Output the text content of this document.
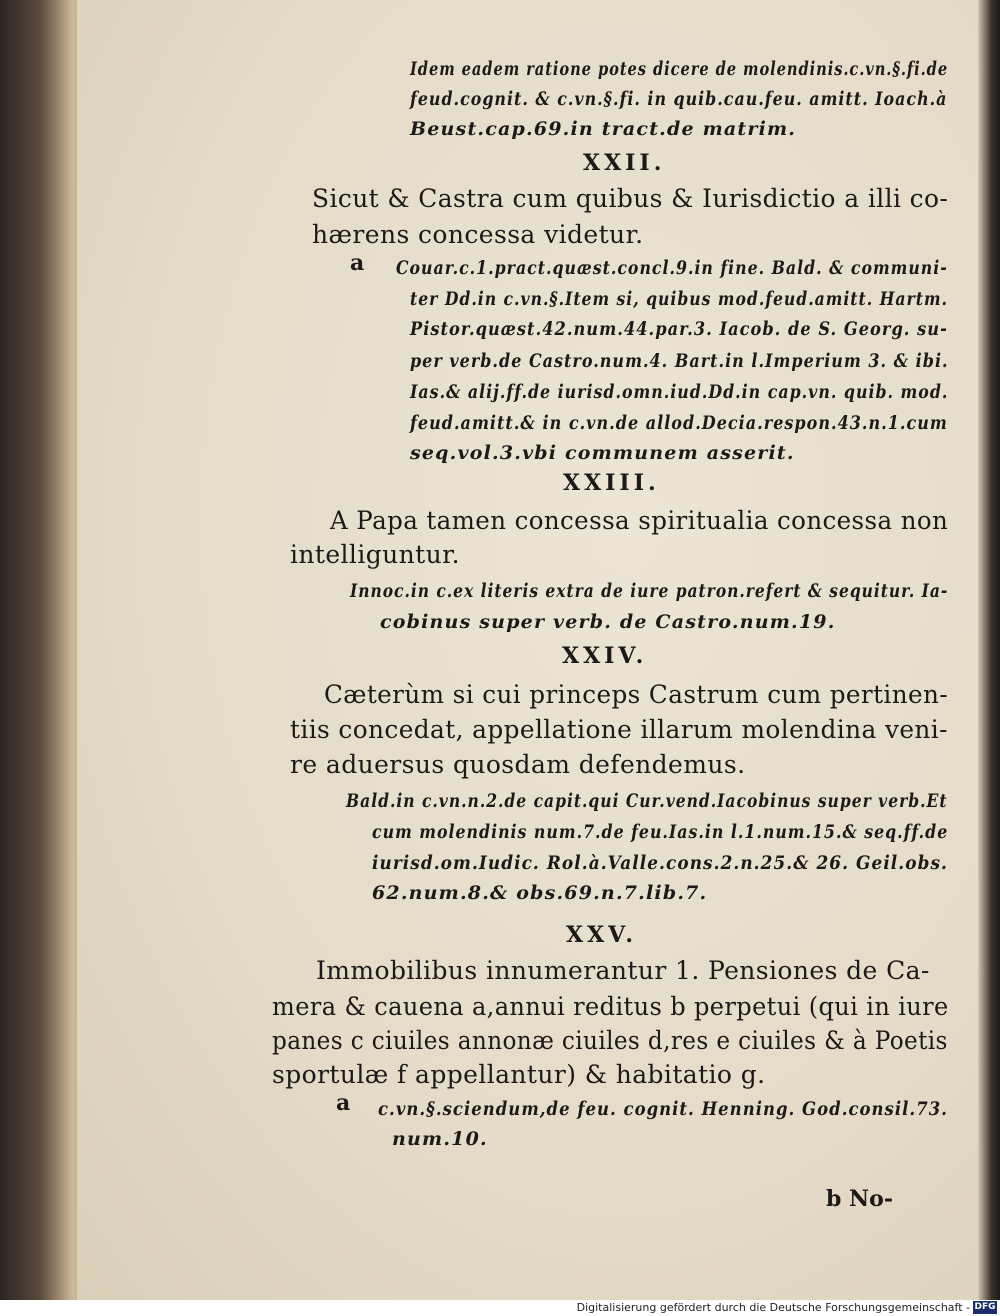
Idem eadem ratione potes dicere de molendinis.c.vn.§.fi.de
feud.cognit. & c.vn.§.fi. in quib.cau.feu. amitt. Ioach.à
Beust.cap.69.in tract.de matrim.
XXII.
Sicut & Castra cum quibus & Iurisdictio a illi co-
hærens concessa videtur.
a Couar.c.1.pract.quæst.concl.9.in fine. Bald. & communi-
ter Dd.in c.vn.§.Item si, quibus mod.feud.amitt. Hartm.
Pistor.quæst.42.num.44.par.3. Iacob. de S. Georg. su-
per verb.de Castro.num.4. Bart.in l.Imperium 3. & ibi.
Ias.& alij.ff.de iurisd.omn.iud.Dd.in cap.vn. quib. mod.
feud.amitt.& in c.vn.de allod.Decia.respon.43.n.1.cum
seq.vol.3.vbi communem asserit.
XXIII.
A Papa tamen concessa spiritualia concessa non
intelliguntur.
Innoc.in c.ex literis extra de iure patron.refert & sequitur. Ia-
cobinus super verb. de Castro.num.19.
XXIV.
Cæterùm si cui princeps Castrum cum pertinen-
tiis concedat, appellatione illarum molendina veni-
re aduersus quosdam defendemus.
Bald.in c.vn.n.2.de capit.qui Cur.vend.Iacobinus super verb.Et
cum molendinis num.7.de feu.Ias.in l.1.num.15.& seq.ff.de
iurisd.om.Iudic. Rol.à.Valle.cons.2.n.25.& 26. Geil.obs.
62.num.8.& obs.69.n.7.lib.7.
XXV.
Immobilibus innumerantur 1. Pensiones de Ca-
mera & cauena a,annui reditus b perpetui (qui in iure
panes c ciuiles annonæ ciuiles d,res e ciuiles & à Poetis
sportulæ f appellantur) & habitatio g.
a c.vn.§.sciendum,de feu. cognit. Henning. God.consil.73.
num.10.
b No-
Digitalisierung gefördert durch die Deutsche Forschungsgemeinschaft - DFG
